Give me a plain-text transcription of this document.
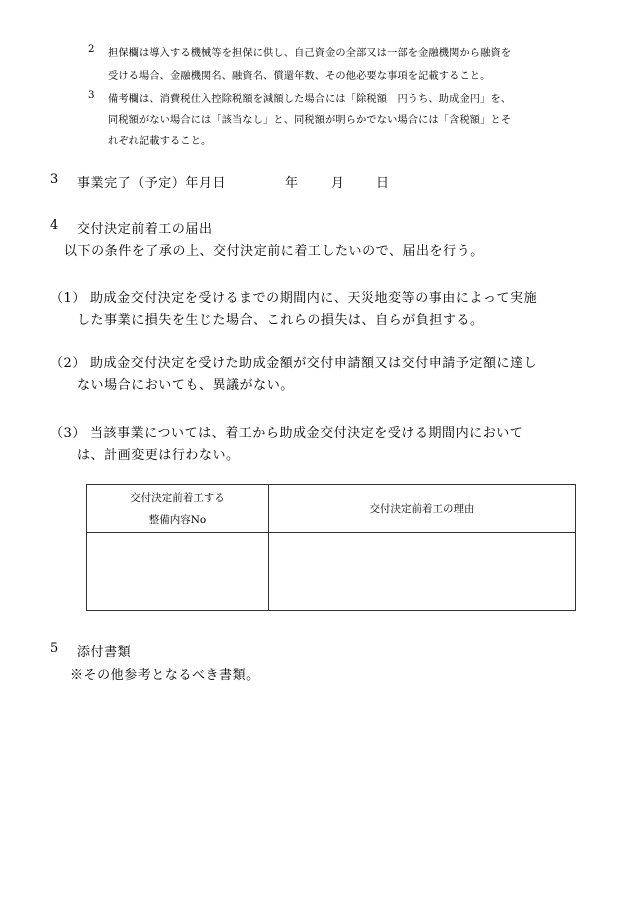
2 担保欄は導入する機械等を担保に供し、自己資金の全部又は一部を金融機関から融資を
受ける場合、金融機関名、融資名、償還年数、その他必要な事項を記載すること。
3 備考欄は、消費税仕入控除税額を減額した場合には「除税額　円うち、助成金円」を、
同税額がない場合には「該当なし」と、同税額が明らかでない場合には「含税額」とそ
れぞれ記載すること。
3 事業完了（予定）年月日	年 月 日
4 交付決定前着工の届出
以下の条件を了承の上、交付決定前に着工したいので、届出を行う。
（1） 助成金交付決定を受けるまでの期間内に、天災地変等の事由によって実施
した事業に損失を生じた場合、これらの損失は、自らが負担する。
（2） 助成金交付決定を受けた助成金額が交付申請額又は交付申請予定額に達し
ない場合においても、異議がない。
（3） 当該事業については、着工から助成金交付決定を受ける期間内において
は、計画変更は行わない。
交付決定前着工する
整備内容No	交付決定前着工の理由

5 添付書類
※その他参考となるべき書類。
